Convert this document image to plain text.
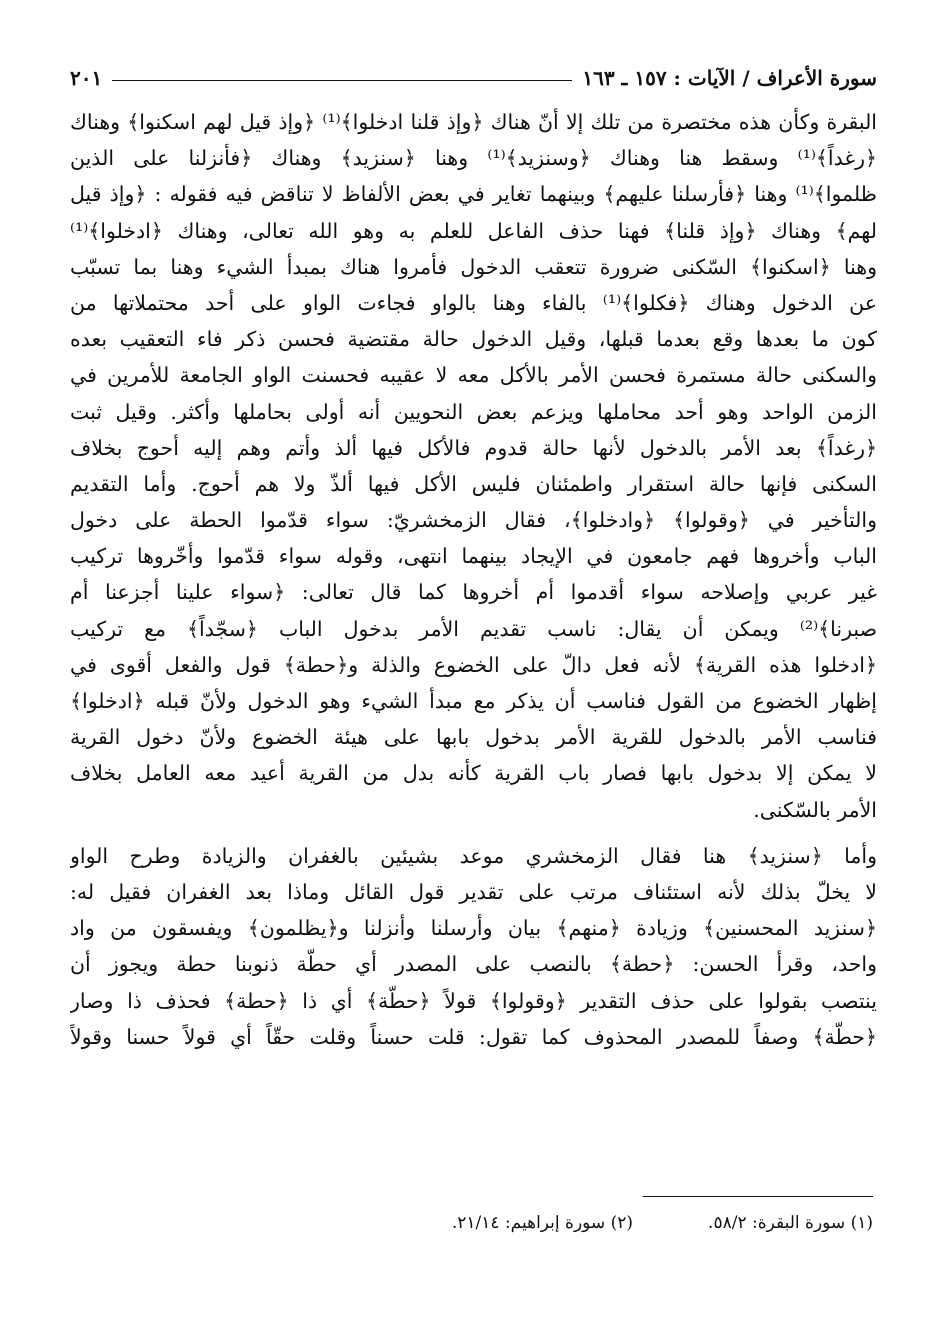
سورة الأعراف / الآيات : ١٥٧ ـ ١٦٣
٢٠١
البقرة وكأن هذه مختصرة من تلك إلا أنّ هناك ﴿وإذ قلنا ادخلوا﴾⁽¹⁾ ﴿وإذ قيل لهم اسكنوا﴾ وهناك
﴿رغداً﴾⁽¹⁾ وسقط هنا وهناك ﴿وسنزيد﴾⁽¹⁾ وهنا ﴿سنزيد﴾ وهناك ﴿فأنزلنا على الذين
ظلموا﴾⁽¹⁾ وهنا ﴿فأرسلنا عليهم﴾ وبينهما تغاير في بعض الألفاظ لا تناقض فيه فقوله : ﴿وإذ قيل
لهم﴾ وهناك ﴿وإذ قلنا﴾ فهنا حذف الفاعل للعلم به وهو الله تعالى، وهناك ﴿ادخلوا﴾⁽¹⁾
وهنا ﴿اسكنوا﴾ السّكنى ضرورة تتعقب الدخول فأمروا هناك بمبدأ الشيء وهنا بما تسبّب
عن الدخول وهناك ﴿فكلوا﴾⁽¹⁾ بالفاء وهنا بالواو فجاءت الواو على أحد محتملاتها من
كون ما بعدها وقع بعدما قبلها، وقيل الدخول حالة مقتضية فحسن ذكر فاء التعقيب بعده
والسكنى حالة مستمرة فحسن الأمر بالأكل معه لا عقيبه فحسنت الواو الجامعة للأمرين في
الزمن الواحد وهو أحد محاملها ويزعم بعض النحويين أنه أولى بحاملها وأكثر. وقيل ثبت
﴿رغداً﴾ بعد الأمر بالدخول لأنها حالة قدوم فالأكل فيها ألذ وأتم وهم إليه أحوج بخلاف
السكنى فإنها حالة استقرار واطمئنان فليس الأكل فيها ألذّ ولا هم أحوج. وأما التقديم
والتأخير في ﴿وقولوا﴾ ﴿وادخلوا﴾، فقال الزمخشريّ: سواء قدّموا الحطة على دخول
الباب وأخروها فهم جامعون في الإيجاد بينهما انتهى، وقوله سواء قدّموا وأخّروها تركيب
غير عربي وإصلاحه سواء أقدموا أم أخروها كما قال تعالى: ﴿سواء علينا أجزعنا أم
صبرنا﴾⁽²⁾ ويمكن أن يقال: ناسب تقديم الأمر بدخول الباب ﴿سجّداً﴾ مع تركيب
﴿ادخلوا هذه القرية﴾ لأنه فعل دالّ على الخضوع والذلة و﴿حطة﴾ قول والفعل أقوى في
إظهار الخضوع من القول فناسب أن يذكر مع مبدأ الشيء وهو الدخول ولأنّ قبله ﴿ادخلوا﴾
فناسب الأمر بالدخول للقرية الأمر بدخول بابها على هيئة الخضوع ولأنّ دخول القرية
لا يمكن إلا بدخول بابها فصار باب القرية كأنه بدل من القرية أعيد معه العامل بخلاف
الأمر بالسّكنى.
وأما ﴿سنزيد﴾ هنا فقال الزمخشري موعد بشيئين بالغفران والزيادة وطرح الواو
لا يخلّ بذلك لأنه استئناف مرتب على تقدير قول القائل وماذا بعد الغفران فقيل له:
﴿سنزيد المحسنين﴾ وزيادة ﴿منهم﴾ بيان وأرسلنا وأنزلنا و﴿يظلمون﴾ ويفسقون من واد
واحد، وقرأ الحسن: ﴿حطة﴾ بالنصب على المصدر أي حطّة ذنوبنا حطة ويجوز أن
ينتصب بقولوا على حذف التقدير ﴿وقولوا﴾ قولاً ﴿حطّة﴾ أي ذا ﴿حطة﴾ فحذف ذا وصار
﴿حطّة﴾ وصفاً للمصدر المحذوف كما تقول: قلت حسناً وقلت حقّاً أي قولاً حسنا وقولاً
(١) سورة البقرة: ٥٨/٢.
(٢) سورة إبراهيم: ٢١/١٤.
